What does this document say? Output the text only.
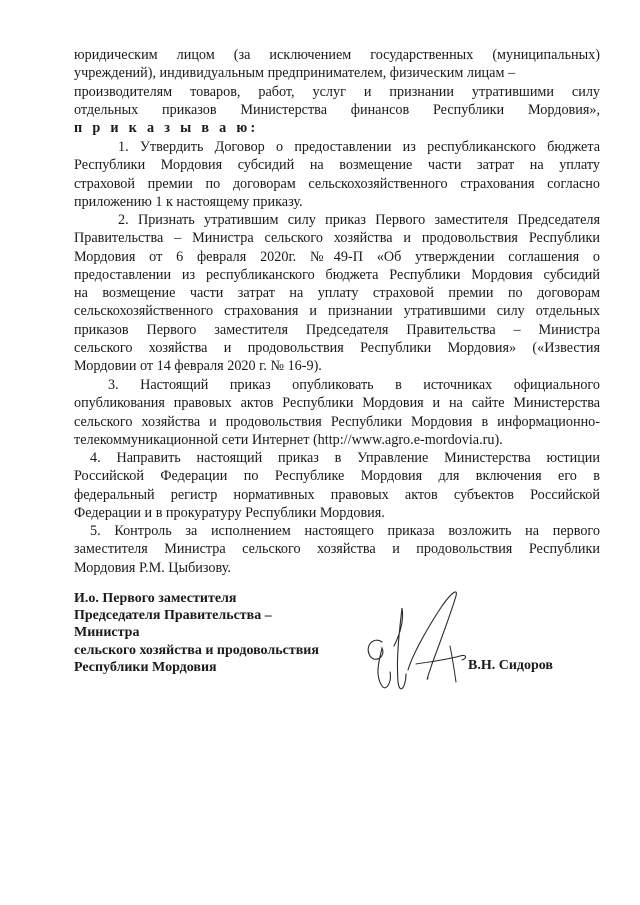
юридическим лицом (за исключением государственных (муниципальных)
учреждений), индивидуальным предпринимателем, физическим лицам –
производителям товаров, работ, услуг и признании утратившими силу
отдельных приказов Министерства финансов Республики Мордовия»,
п р и к а з ы в а ю:
1. Утвердить Договор о предоставлении из республиканского бюджета
Республики Мордовия субсидий на возмещение части затрат на уплату
страховой премии по договорам сельскохозяйственного страхования согласно
приложению 1 к настоящему приказу.
2. Признать утратившим силу приказ Первого заместителя Председателя
Правительства – Министра сельского хозяйства и продовольствия Республики
Мордовия от 6 февраля 2020г. №49-П «Об утверждении соглашения о
предоставлении из республиканского бюджета Республики Мордовия субсидий
на возмещение части затрат на уплату страховой премии по договорам
сельскохозяйственного страхования и признании утратившими силу отдельных
приказов Первого заместителя Председателя Правительства – Министра
сельского хозяйства и продовольствия Республики Мордовия» («Известия
Мордовии от 14 февраля 2020 г. № 16-9).
3. Настоящий приказ опубликовать в источниках официального
опубликования правовых актов Республики Мордовия и на сайте Министерства
сельского хозяйства и продовольствия Республики Мордовия в информационно-
телекоммуникационной сети Интернет (http://www.agro.e-mordovia.ru).
4. Направить настоящий приказ в Управление Министерства юстиции
Российской Федерации по Республике Мордовия для включения его в
федеральный регистр нормативных правовых актов субъектов Российской
Федерации и в прокуратуру Республики Мордовия.
5. Контроль за исполнением настоящего приказа возложить на первого
заместителя Министра сельского хозяйства и продовольствия Республики
Мордовия Р.М. Цыбизову.
И.о. Первого заместителя
Председателя Правительства –
Министра
сельского хозяйства и продовольствия
Республики Мордовия	В.Н. Сидоров
